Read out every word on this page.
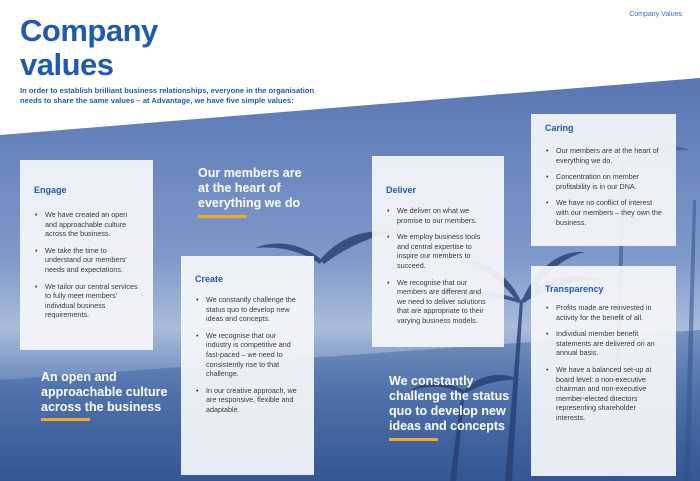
Company
values
Company Values

In order to establish brilliant business relationships, everyone in the organisation
needs to share the same values – at Advantage, we have five simple values:

Engage
• We have created an open and approachable culture across the business.
• We take the time to understand our members’ needs and expectations.
• We tailor our central services to fully meet members’ individual business requirements.
Create
• We constantly challenge the status quo to develop new ideas and concepts.
• We recognise that our industry is competitive and fast-paced – we need to consistently rise to that challenge.
• In our creative approach, we are responsive, flexible and adaptable.
Deliver
• We deliver on what we promise to our members.
• We employ business tools and central expertise to inspire our members to succeed.
• We recognise that our members are different and we need to deliver solutions that are appropriate to their varying business models.
Caring
• Our members are at the heart of everything we do.
• Concentration on member profitability is in our DNA.
• We have no conflict of interest with our members – they own the business.
Transparency
• Profits made are reinvested in activity for the benefit of all.
• Individual member benefit statements are delivered on an annual basis.
• We have a balanced set-up at board level: a non-executive chairman and non-executive member-elected directors representing shareholder interests.

Our members are
at the heart of
everything we do

An open and
approachable culture
across the business

We constantly
challenge the status
quo to develop new
ideas and concepts
